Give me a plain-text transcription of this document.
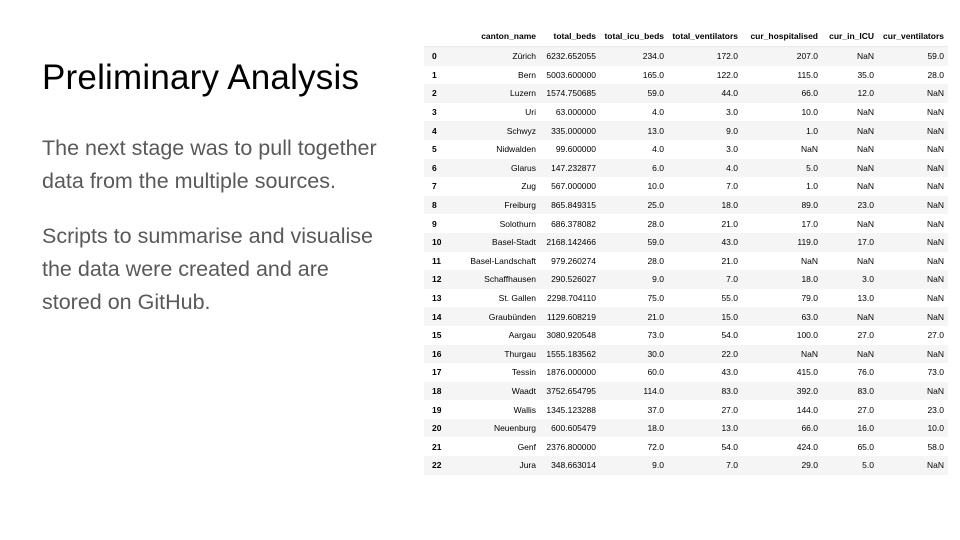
Preliminary Analysis

The next stage was to pull together data from the multiple sources.

Scripts to summarise and visualise the data were created and are stored on GitHub.

	canton_name	total_beds	total_icu_beds	total_ventilators	cur_hospitalised	cur_in_ICU	cur_ventilators
0	Zürich	6232.652055	234.0	172.0	207.0	NaN	59.0
1	Bern	5003.600000	165.0	122.0	115.0	35.0	28.0
2	Luzern	1574.750685	59.0	44.0	66.0	12.0	NaN
3	Uri	63.000000	4.0	3.0	10.0	NaN	NaN
4	Schwyz	335.000000	13.0	9.0	1.0	NaN	NaN
5	Nidwalden	99.600000	4.0	3.0	NaN	NaN	NaN
6	Glarus	147.232877	6.0	4.0	5.0	NaN	NaN
7	Zug	567.000000	10.0	7.0	1.0	NaN	NaN
8	Freiburg	865.849315	25.0	18.0	89.0	23.0	NaN
9	Solothurn	686.378082	28.0	21.0	17.0	NaN	NaN
10	Basel-Stadt	2168.142466	59.0	43.0	119.0	17.0	NaN
11	Basel-Landschaft	979.260274	28.0	21.0	NaN	NaN	NaN
12	Schaffhausen	290.526027	9.0	7.0	18.0	3.0	NaN
13	St. Gallen	2298.704110	75.0	55.0	79.0	13.0	NaN
14	Graubünden	1129.608219	21.0	15.0	63.0	NaN	NaN
15	Aargau	3080.920548	73.0	54.0	100.0	27.0	27.0
16	Thurgau	1555.183562	30.0	22.0	NaN	NaN	NaN
17	Tessin	1876.000000	60.0	43.0	415.0	76.0	73.0
18	Waadt	3752.654795	114.0	83.0	392.0	83.0	NaN
19	Wallis	1345.123288	37.0	27.0	144.0	27.0	23.0
20	Neuenburg	600.605479	18.0	13.0	66.0	16.0	10.0
21	Genf	2376.800000	72.0	54.0	424.0	65.0	58.0
22	Jura	348.663014	9.0	7.0	29.0	5.0	NaN
